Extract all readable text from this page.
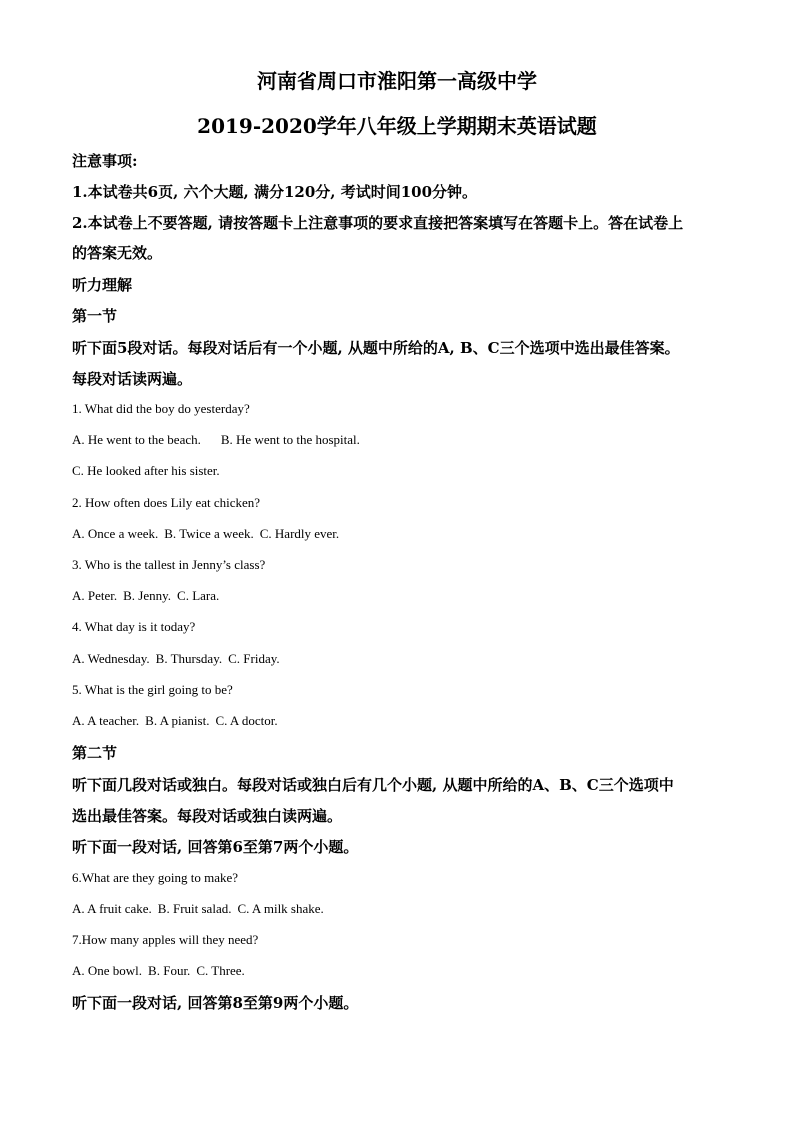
河南省周口市淮阳第一高级中学
2019-2020学年八年级上学期期末英语试题
注意事项:
1.本试卷共6页, 六个大题, 满分120分, 考试时间100分钟。
2.本试卷上不要答题, 请按答题卡上注意事项的要求直接把答案填写在答题卡上。答在试卷上
的答案无效。
听力理解
第一节
听下面5段对话。每段对话后有一个小题, 从题中所给的A, B、C三个选项中选出最佳答案。
每段对话读两遍。
1. What did the boy do yesterday?
A. He went to the beach. B. He went to the hospital.
C. He looked after his sister.
2. How often does Lily eat chicken?
A. Once a week. B. Twice a week. C. Hardly ever.
3. Who is the tallest in Jenny’s class?
A. Peter. B. Jenny. C. Lara.
4. What day is it today?
A. Wednesday. B. Thursday. C. Friday.
5. What is the girl going to be?
A. A teacher. B. A pianist. C. A doctor.
第二节
听下面几段对话或独白。每段对话或独白后有几个小题, 从题中所给的A、B、C三个选项中
选出最佳答案。每段对话或独白读两遍。
听下面一段对话, 回答第6至第7两个小题。
6.What are they going to make?
A. A fruit cake. B. Fruit salad. C. A milk shake.
7.How many apples will they need?
A. One bowl. B. Four. C. Three.
听下面一段对话, 回答第8至第9两个小题。
